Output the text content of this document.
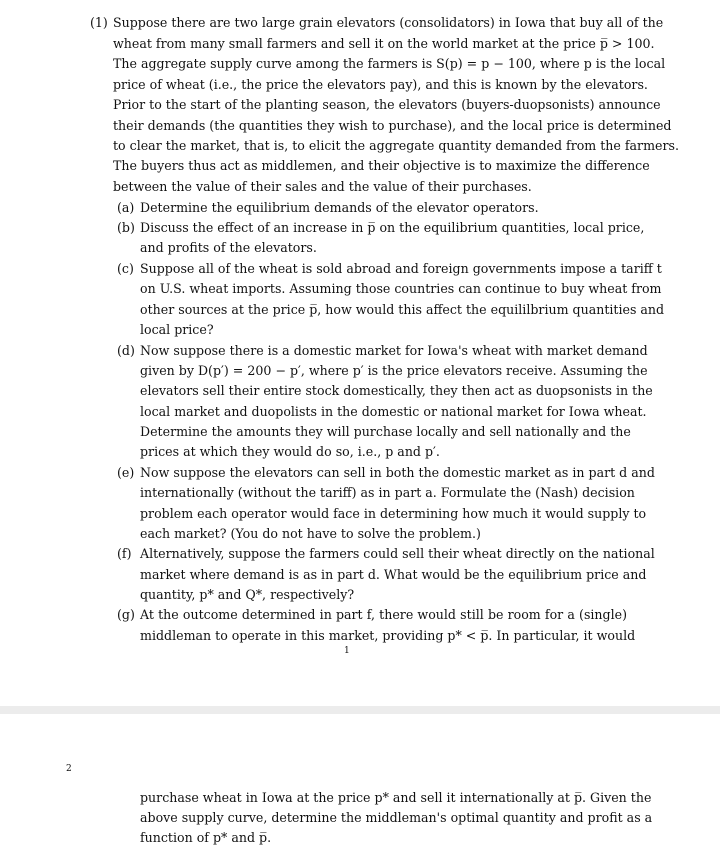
(1) Suppose there are two large grain elevators (consolidators) in Iowa that buy all of the
wheat from many small farmers and sell it on the world market at the price p̅ > 100.
The aggregate supply curve among the farmers is S(p) = p − 100, where p is the local
price of wheat (i.e., the price the elevators pay), and this is known by the elevators.
Prior to the start of the planting season, the elevators (buyers-duopsonists) announce
their demands (the quantities they wish to purchase), and the local price is determined
to clear the market, that is, to elicit the aggregate quantity demanded from the farmers.
The buyers thus act as middlemen, and their objective is to maximize the difference
between the value of their sales and the value of their purchases.
(a) Determine the equilibrium demands of the elevator operators.
(b) Discuss the effect of an increase in p̅ on the equilibrium quantities, local price,
and profits of the elevators.
(c) Suppose all of the wheat is sold abroad and foreign governments impose a tariff t
on U.S. wheat imports. Assuming those countries can continue to buy wheat from
other sources at the price p̅, how would this affect the equililbrium quantities and
local price?
(d) Now suppose there is a domestic market for Iowa's wheat with market demand
given by D(p′) = 200 − p′, where p′ is the price elevators receive. Assuming the
elevators sell their entire stock domestically, they then act as duopsonists in the
local market and duopolists in the domestic or national market for Iowa wheat.
Determine the amounts they will purchase locally and sell nationally and the
prices at which they would do so, i.e., p and p′.
(e) Now suppose the elevators can sell in both the domestic market as in part d and
internationally (without the tariff) as in part a. Formulate the (Nash) decision
problem each operator would face in determining how much it would supply to
each market? (You do not have to solve the problem.)
(f) Alternatively, suppose the farmers could sell their wheat directly on the national
market where demand is as in part d. What would be the equilibrium price and
quantity, p* and Q*, respectively?
(g) At the outcome determined in part f, there would still be room for a (single)
middleman to operate in this market, providing p* < p̅. In particular, it would
1
2
purchase wheat in Iowa at the price p* and sell it internationally at p̅. Given the
above supply curve, determine the middleman's optimal quantity and profit as a
function of p* and p̅.
